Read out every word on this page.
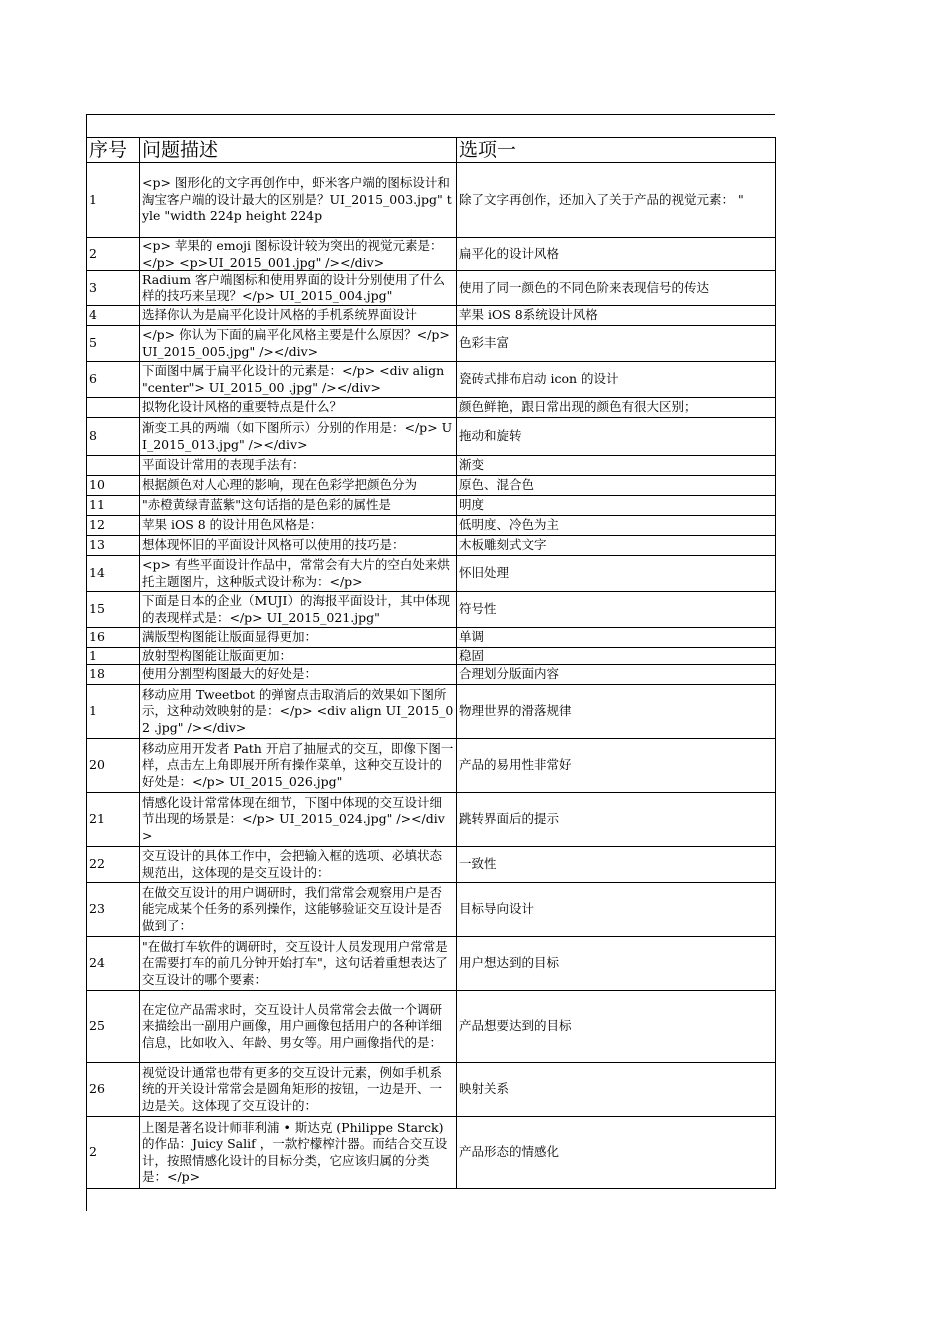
序号	问题描述	选项一

1	<p> 图形化的文字再创作中，虾米客户端的图标设计和淘宝客户端的设计最大的区别是？UI_2015_003.jpg" tyle "width 224p height 224p	除了文字再创作，还加入了关于产品的视觉元素： "

2	<p> 苹果的 emoji 图标设计较为突出的视觉元素是：</p> <p>UI_2015_001.jpg" /></div>	扁平化的设计风格

3	Radium 客户端图标和使用界面的设计分别使用了什么样的技巧来呈现？</p> UI_2015_004.jpg"	使用了同一颜色的不同色阶来表现信号的传达

4	选择你认为是扁平化设计风格的手机系统界面设计	苹果 iOS 8系统设计风格

5	</p> 你认为下面的扁平化风格主要是什么原因？</p> UI_2015_005.jpg" /></div>	色彩丰富

6	下面图中属于扁平化设计的元素是：</p> <div align "center"> UI_2015_00 .jpg" /></div>	瓷砖式排布启动 icon 的设计

	拟物化设计风格的重要特点是什么？	颜色鲜艳，跟日常出现的颜色有很大区别；

8	渐变工具的两端（如下图所示）分别的作用是：</p> UI_2015_013.jpg" /></div>	拖动和旋转

	平面设计常用的表现手法有：	渐变

10	根据颜色对人心理的影响，现在色彩学把颜色分为	原色、混合色

11	"赤橙黄绿青蓝紫"这句话指的是色彩的属性是	明度

12	苹果 iOS 8 的设计用色风格是：	低明度、冷色为主

13	想体现怀旧的平面设计风格可以使用的技巧是：	木板雕刻式文字

14	<p> 有些平面设计作品中，常常会有大片的空白处来烘托主题图片，这种版式设计称为：</p>	怀旧处理

15	下面是日本的企业（MUJI）的海报平面设计，其中体现的表现样式是：</p> UI_2015_021.jpg"	符号性

16	满版型构图能让版面显得更加：	单调

1	放射型构图能让版面更加：	稳固

18	使用分割型构图最大的好处是：	合理划分版面内容

1	移动应用 Tweetbot 的弹窗点击取消后的效果如下图所示，这种动效映射的是：</p> <div align UI_2015_02 .jpg" /></div>	物理世界的滑落规律

20	移动应用开发者 Path 开启了抽屉式的交互，即像下图一样，点击左上角即展开所有操作菜单，这种交互设计的好处是：</p> UI_2015_026.jpg"	产品的易用性非常好

21	情感化设计常常体现在细节，下图中体现的交互设计细节出现的场景是：</p> UI_2015_024.jpg" /></div>	跳转界面后的提示

22	交互设计的具体工作中，会把输入框的选项、必填状态规范出，这体现的是交互设计的：	一致性

23	在做交互设计的用户调研时，我们常常会观察用户是否能完成某个任务的系列操作，这能够验证交互设计是否做到了：	目标导向设计

24	"在做打车软件的调研时，交互设计人员发现用户常常是在需要打车的前几分钟开始打车"，这句话着重想表达了交互设计的哪个要素：	用户想达到的目标

25	在定位产品需求时，交互设计人员常常会去做一个调研来描绘出一副用户画像，用户画像包括用户的各种详细信息，比如收入、年龄、男女等。用户画像指代的是：	产品想要达到的目标

26	视觉设计通常也带有更多的交互设计元素，例如手机系统的开关设计常常会是圆角矩形的按钮，一边是开、一边是关。这体现了交互设计的：	映射关系

2	上图是著名设计师菲利浦 • 斯达克 (Philippe Starck) 的作品：Juicy Salif ，一款柠檬榨汁器。而结合交互设计，按照情感化设计的目标分类，它应该归属的分类是：</p>	产品形态的情感化
